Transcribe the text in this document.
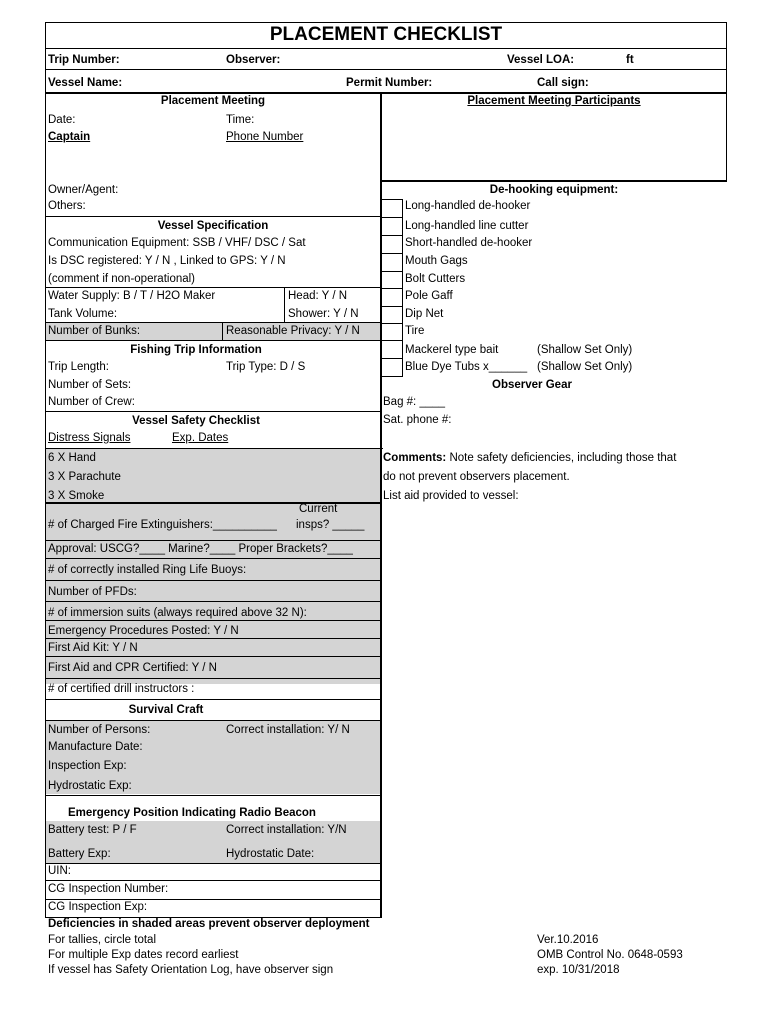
PLACEMENT CHECKLIST
Trip Number:	Observer:	Vessel LOA:	ft
Vessel Name:	Permit Number:	Call sign:
Placement Meeting
Date:	Time:
Captain	Phone Number
Owner/Agent:
Others:
Placement Meeting Participants
Vessel Specification
Communication Equipment: SSB / VHF/ DSC / Sat
Is DSC registered: Y / N , Linked to GPS: Y / N
(comment if non-operational)
Water Supply: B / T / H2O Maker	Head: Y / N
Tank Volume:	Shower: Y / N
Number of Bunks:	Reasonable Privacy: Y / N
Fishing Trip Information
Trip Length:	Trip Type: D / S
Number of Sets:
Number of Crew:
Vessel Safety Checklist
Distress Signals	Exp. Dates
6 X Hand
3 X Parachute
3 X Smoke
# of Charged Fire Extinguishers:__________
Current
insps? _____
Approval: USCG?____ Marine?____ Proper Brackets?____
# of correctly installed Ring Life Buoys:
Number of PFDs:
# of immersion suits (always required above 32 N):
Emergency Procedures Posted: Y / N
First Aid Kit: Y / N
First Aid and CPR Certified: Y / N
# of certified drill instructors :
Survival Craft
Number of Persons:	Correct installation: Y/ N
Manufacture Date:
Inspection Exp:
Hydrostatic Exp:
Emergency Position Indicating Radio Beacon
Battery test: P / F	Correct installation: Y/N
Battery Exp:	Hydrostatic Date:
UIN:
CG Inspection Number:
CG Inspection Exp:
De-hooking equipment:
Long-handled de-hooker
Long-handled line cutter
Short-handled de-hooker
Mouth Gags
Bolt Cutters
Pole Gaff
Dip Net
Tire
Mackerel type bait	(Shallow Set Only)
Blue Dye Tubs x______ (Shallow Set Only)
Observer Gear
Bag #: ____
Sat. phone #:
Comments: Note safety deficiencies, including those that
do not prevent observers placement.
List aid provided to vessel:
Deficiencies in shaded areas prevent observer deployment
For tallies, circle total
For multiple Exp dates record earliest
If vessel has Safety Orientation Log, have observer sign
Ver.10.2016
OMB Control No. 0648-0593
exp. 10/31/2018
